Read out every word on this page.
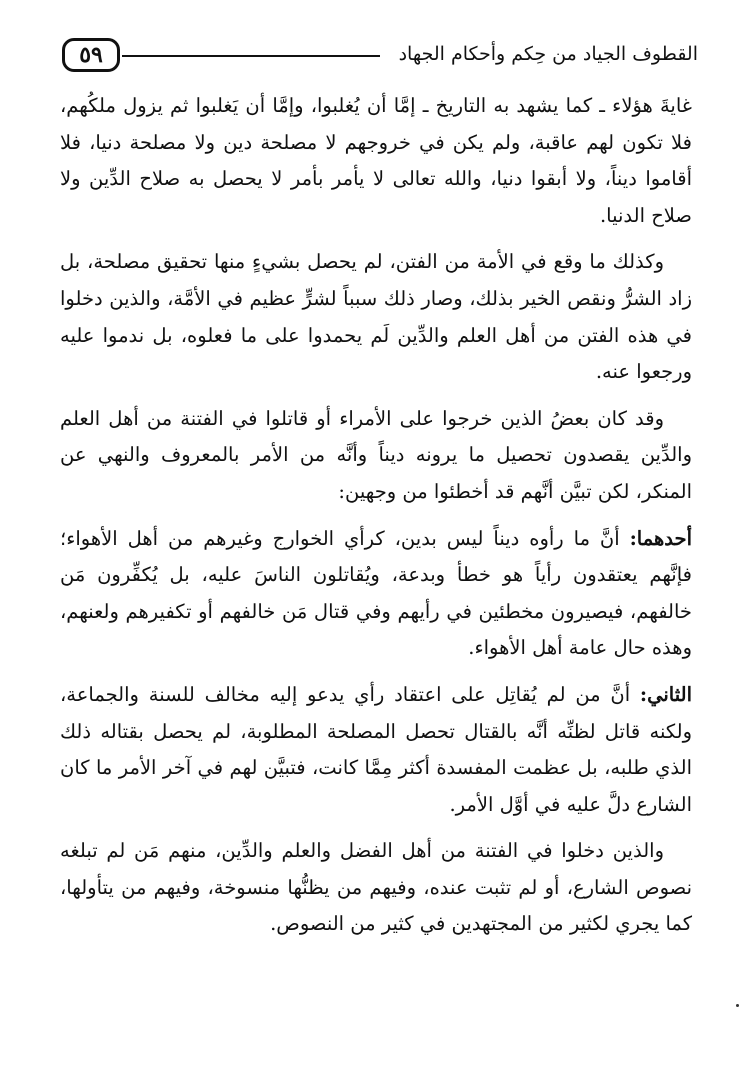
٥٩	القطوف الجياد من حِكم وأحكام الجهاد

غايةَ هؤلاء ـ كما يشهد به التاريخ ـ إمَّا أن يُغلبوا، وإمَّا أن يَغلبوا ثم يزول ملكُهم، فلا تكون لهم عاقبة، ولم يكن في خروجهم لا مصلحة دين ولا مصلحة دنيا، فلا أقاموا ديناً، ولا أبقوا دنيا، والله تعالى لا يأمر بأمر لا يحصل به صلاح الدِّين ولا صلاح الدنيا.

وكذلك ما وقع في الأمة من الفتن، لم يحصل بشيءٍ منها تحقيق مصلحة، بل زاد الشرُّ ونقص الخير بذلك، وصار ذلك سبباً لشرٍّ عظيم في الأمَّة، والذين دخلوا في هذه الفتن من أهل العلم والدِّين لَم يحمدوا على ما فعلوه، بل ندموا عليه ورجعوا عنه.

وقد كان بعضُ الذين خرجوا على الأمراء أو قاتلوا في الفتنة من أهل العلم والدِّين يقصدون تحصيل ما يرونه ديناً وأنَّه من الأمر بالمعروف والنهي عن المنكر، لكن تبيَّن أنَّهم قد أخطئوا من وجهين:

أحدهما: أنَّ ما رأوه ديناً ليس بدين، كرأي الخوارج وغيرهم من أهل الأهواء؛ فإنَّهم يعتقدون رأياً هو خطأ وبدعة، ويُقاتلون الناسَ عليه، بل يُكفِّرون مَن خالفهم، فيصيرون مخطئين في رأيهم وفي قتال مَن خالفهم أو تكفيرهم ولعنهم، وهذه حال عامة أهل الأهواء.

الثاني: أنَّ من لم يُقاتِل على اعتقاد رأي يدعو إليه مخالف للسنة والجماعة، ولكنه قاتل لظنِّه أنَّه بالقتال تحصل المصلحة المطلوبة، لم يحصل بقتاله ذلك الذي طلبه، بل عظمت المفسدة أكثر مِمَّا كانت، فتبيَّن لهم في آخر الأمر ما كان الشارع دلَّ عليه في أوَّل الأمر.

والذين دخلوا في الفتنة من أهل الفضل والعلم والدِّين، منهم مَن لم تبلغه نصوص الشارع، أو لم تثبت عنده، وفيهم من يظنُّها منسوخة، وفيهم من يتأولها، كما يجري لكثير من المجتهدين في كثير من النصوص.
